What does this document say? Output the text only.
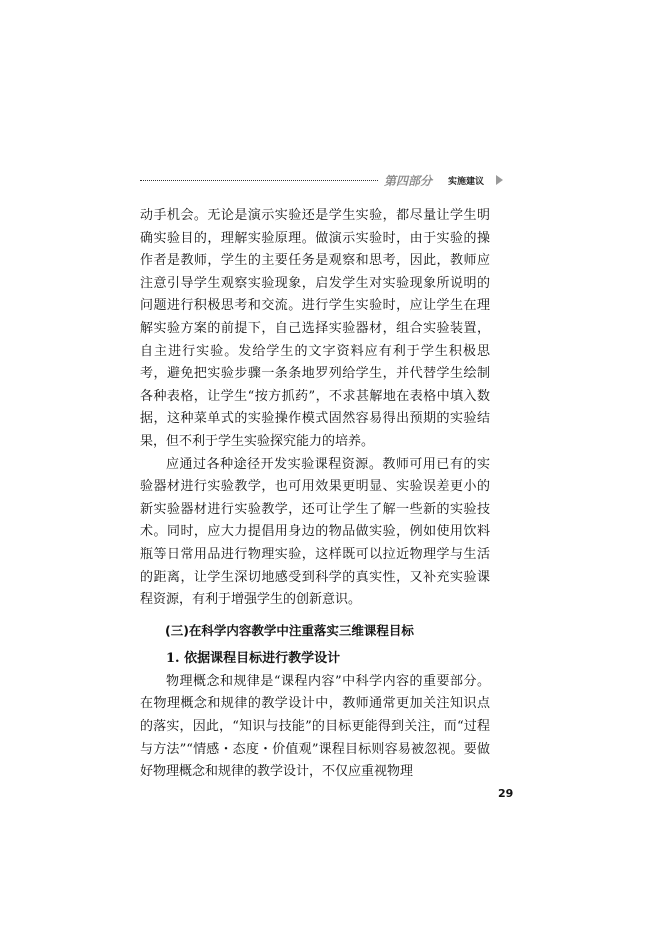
第四部分 实施建议

动手机会。无论是演示实验还是学生实验，都尽量让学生明确实验目的，理解实验原理。做演示实验时，由于实验的操作者是教师，学生的主要任务是观察和思考，因此，教师应注意引导学生观察实验现象，启发学生对实验现象所说明的问题进行积极思考和交流。进行学生实验时，应让学生在理解实验方案的前提下，自己选择实验器材，组合实验装置，自主进行实验。发给学生的文字资料应有利于学生积极思考，避免把实验步骤一条条地罗列给学生，并代替学生绘制各种表格，让学生“按方抓药”，不求甚解地在表格中填入数据，这种菜单式的实验操作模式固然容易得出预期的实验结果，但不利于学生实验探究能力的培养。

应通过各种途径开发实验课程资源。教师可用已有的实验器材进行实验教学，也可用效果更明显、实验误差更小的新实验器材进行实验教学，还可让学生了解一些新的实验技术。同时，应大力提倡用身边的物品做实验，例如使用饮料瓶等日常用品进行物理实验，这样既可以拉近物理学与生活的距离，让学生深切地感受到科学的真实性，又补充实验课程资源，有利于增强学生的创新意识。

(三)在科学内容教学中注重落实三维课程目标

1. 依据课程目标进行教学设计

物理概念和规律是“课程内容”中科学内容的重要部分。在物理概念和规律的教学设计中，教师通常更加关注知识点的落实，因此，“知识与技能”的目标更能得到关注，而“过程与方法”“情感・态度・价值观”课程目标则容易被忽视。要做好物理概念和规律的教学设计，不仅应重视物理

29
